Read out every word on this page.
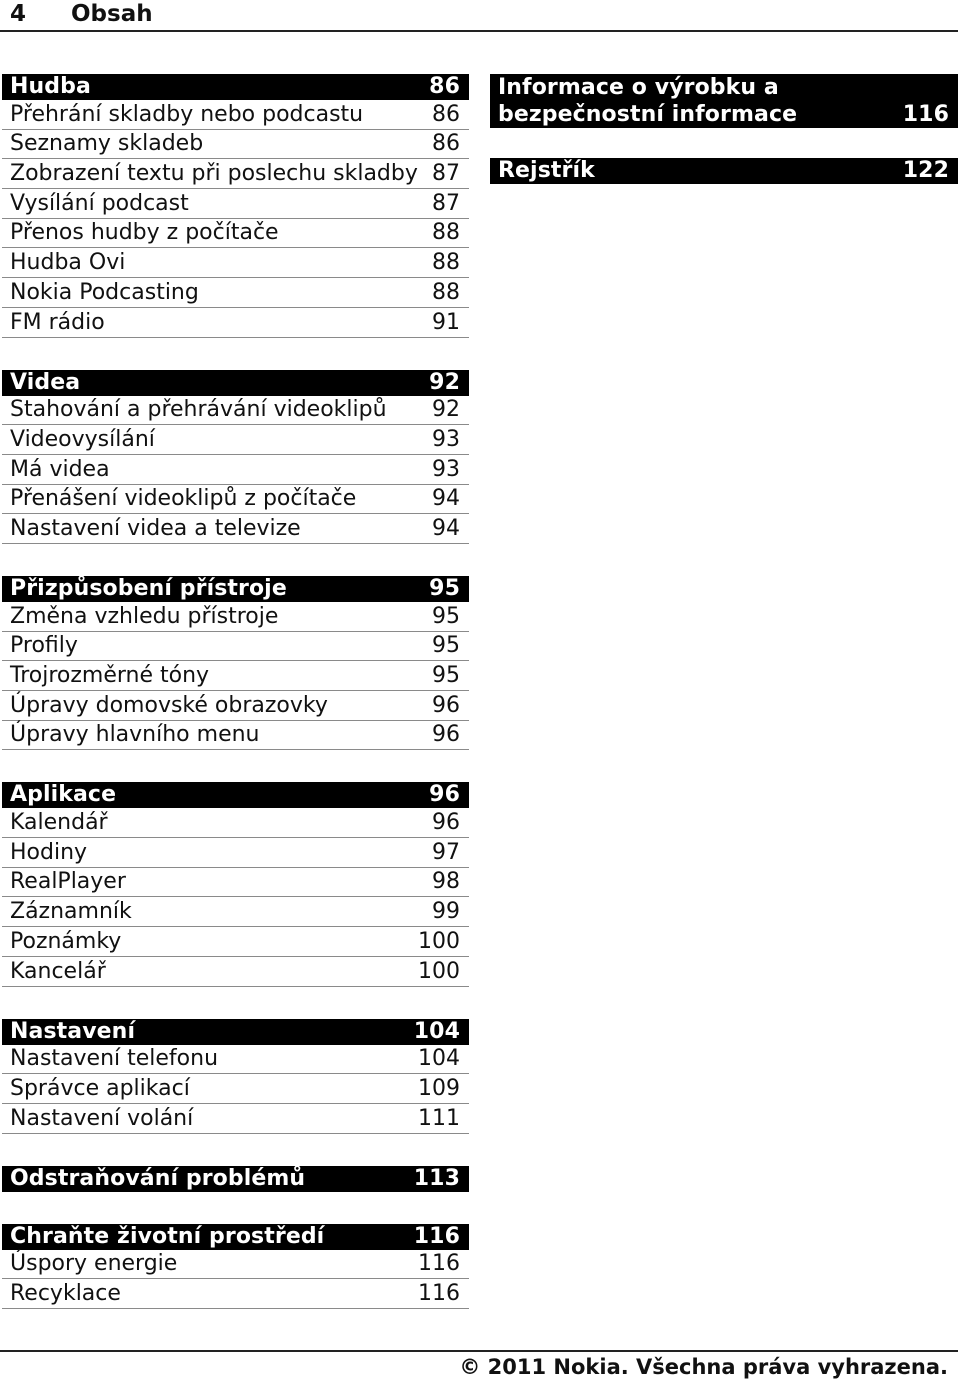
4 Obsah
Hudba	86
Přehrání skladby nebo podcastu	86
Seznamy skladeb	86
Zobrazení textu při poslechu skladby 87
Vysílání podcast	87
Přenos hudby z počítače	88
Hudba Ovi	88
Nokia Podcasting	88
FM rádio	91
Videa	92
Stahování a přehrávání videoklipů 92
Videovysílání	93
Má videa	93
Přenášení videoklipů z počítače	94
Nastavení videa a televize	94
Přizpůsobení přístroje	95
Změna vzhledu přístroje	95
Profily	95
Trojrozměrné tóny	95
Úpravy domovské obrazovky	96
Úpravy hlavního menu	96
Aplikace	96
Kalendář	96
Hodiny	97
RealPlayer	98
Záznamník	99
Poznámky	100
Kancelář	100
Nastavení	104
Nastavení telefonu	104
Správce aplikací	109
Nastavení volání	111
Odstraňování problémů	113
Chraňte životní prostředí	116
Úspory energie	116
Recyklace	116
Informace o výrobku a
bezpečnostní informace	116
Rejstřík	122
© 2011 Nokia. Všechna práva vyhrazena.
